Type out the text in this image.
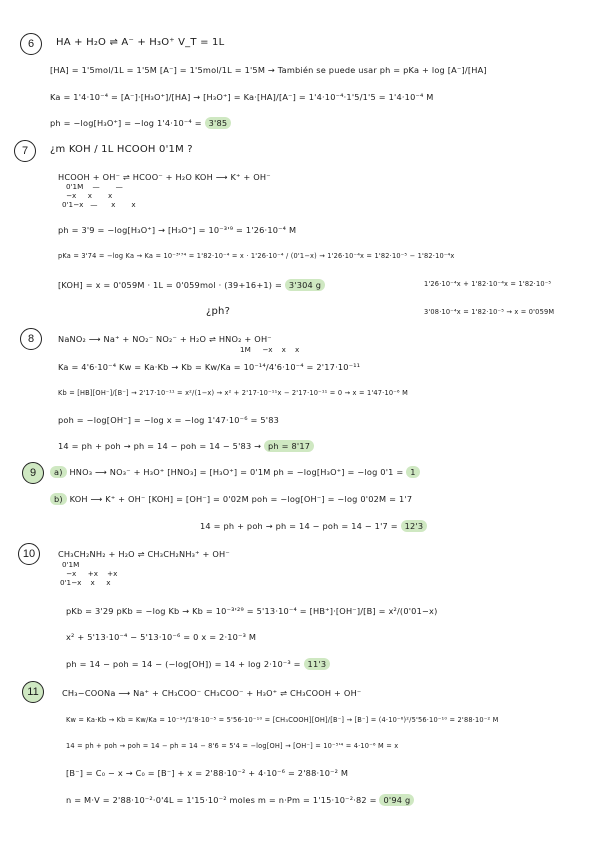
6	HA + H₂O ⇌ A⁻ + H₃O⁺ V_T = 1L
[HA] = 1'5mol/1L = 1'5M [A⁻] = 1'5mol/1L = 1'5M → También se puede usar ph = pKa + log [A⁻]/[HA]
Ka = 1'4·10⁻⁴ = [A⁻]·[H₃O⁺]/[HA] → [H₃O⁺] = Ka·[HA]/[A⁻] = 1'4·10⁻⁴·1'5/1'5 = 1'4·10⁻⁴ M
ph = −log[H₃O⁺] = −log 1'4·10⁻⁴ = 3'85
7	¿m KOH / 1L HCOOH 0'1M ?
HCOOH + OH⁻ ⇌ HCOO⁻ + H₂O KOH ⟶ K⁺ + OH⁻
0'1M    —       —
−x     x       x
0'1−x   —      x       x
ph = 3'9 = −log[H₃O⁺] → [H₃O⁺] = 10⁻³'⁹ = 1'26·10⁻⁴ M
pKa = 3'74 = −log Ka → Ka = 10⁻³'⁷⁴ = 1'82·10⁻⁴ = x · 1'26·10⁻⁴ / (0'1−x) → 1'26·10⁻⁴x = 1'82·10⁻⁵ − 1'82·10⁻⁴x
[KOH] = x = 0'059M · 1L = 0'059mol · (39+16+1) = 3'304 g	1'26·10⁻⁴x + 1'82·10⁻⁴x = 1'82·10⁻⁵
3'08·10⁻⁴x = 1'82·10⁻⁵ → x = 0'059M
¿ph?
8	NaNO₂ ⟶ Na⁺ + NO₂⁻ NO₂⁻ + H₂O ⇌ HNO₂ + OH⁻
1M     −x    x    x
Ka = 4'6·10⁻⁴ Kw = Ka·Kb → Kb = Kw/Ka = 10⁻¹⁴/4'6·10⁻⁴ = 2'17·10⁻¹¹
Kb = [HB][OH⁻]/[B⁻] → 2'17·10⁻¹¹ = x²/(1−x) → x² + 2'17·10⁻¹¹x − 2'17·10⁻¹¹ = 0 → x = 1'47·10⁻⁶ M
poh = −log[OH⁻] = −log x = −log 1'47·10⁻⁶ = 5'83
14 = ph + poh → ph = 14 − poh = 14 − 5'83 → ph = 8'17
9	a) HNO₃ ⟶ NO₃⁻ + H₃O⁺ [HNO₃] = [H₃O⁺] = 0'1M ph = −log[H₃O⁺] = −log 0'1 = 1
b) KOH ⟶ K⁺ + OH⁻ [KOH] = [OH⁻] = 0'02M poh = −log[OH⁻] = −log 0'02M = 1'7
14 = ph + poh → ph = 14 − poh = 14 − 1'7 = 12'3
10	CH₃CH₂NH₂ + H₂O ⇌ CH₃CH₂NH₃⁺ + OH⁻
0'1M
−x     +x    +x
0'1−x    x     x
pKb = 3'29 pKb = −log Kb → Kb = 10⁻³'²⁹ = 5'13·10⁻⁴ = [HB⁺]·[OH⁻]/[B] = x²/(0'01−x)
x² + 5'13·10⁻⁴ − 5'13·10⁻⁶ = 0 x = 2·10⁻³ M
ph = 14 − poh = 14 − (−log[OH]) = 14 + log 2·10⁻³ = 11'3
11	CH₃−COONa ⟶ Na⁺ + CH₃COO⁻ CH₃COO⁻ + H₃O⁺ ⇌ CH₃COOH + OH⁻
Kw = Ka·Kb → Kb = Kw/Ka = 10⁻¹⁴/1'8·10⁻⁵ = 5'56·10⁻¹⁰ = [CH₃COOH][OH]/[B⁻] → [B⁻] = (4·10⁻⁶)²/5'56·10⁻¹⁰ = 2'88·10⁻² M
14 = ph + poh → poh = 14 − ph = 14 − 8'6 = 5'4 = −log[OH] → [OH⁻] = 10⁻⁵'⁴ = 4·10⁻⁶ M = x
[B⁻] = C₀ − x → C₀ = [B⁻] + x = 2'88·10⁻² + 4·10⁻⁶ = 2'88·10⁻² M
n = M·V = 2'88·10⁻²·0'4L = 1'15·10⁻² moles m = n·Pm = 1'15·10⁻²·82 = 0'94 g
